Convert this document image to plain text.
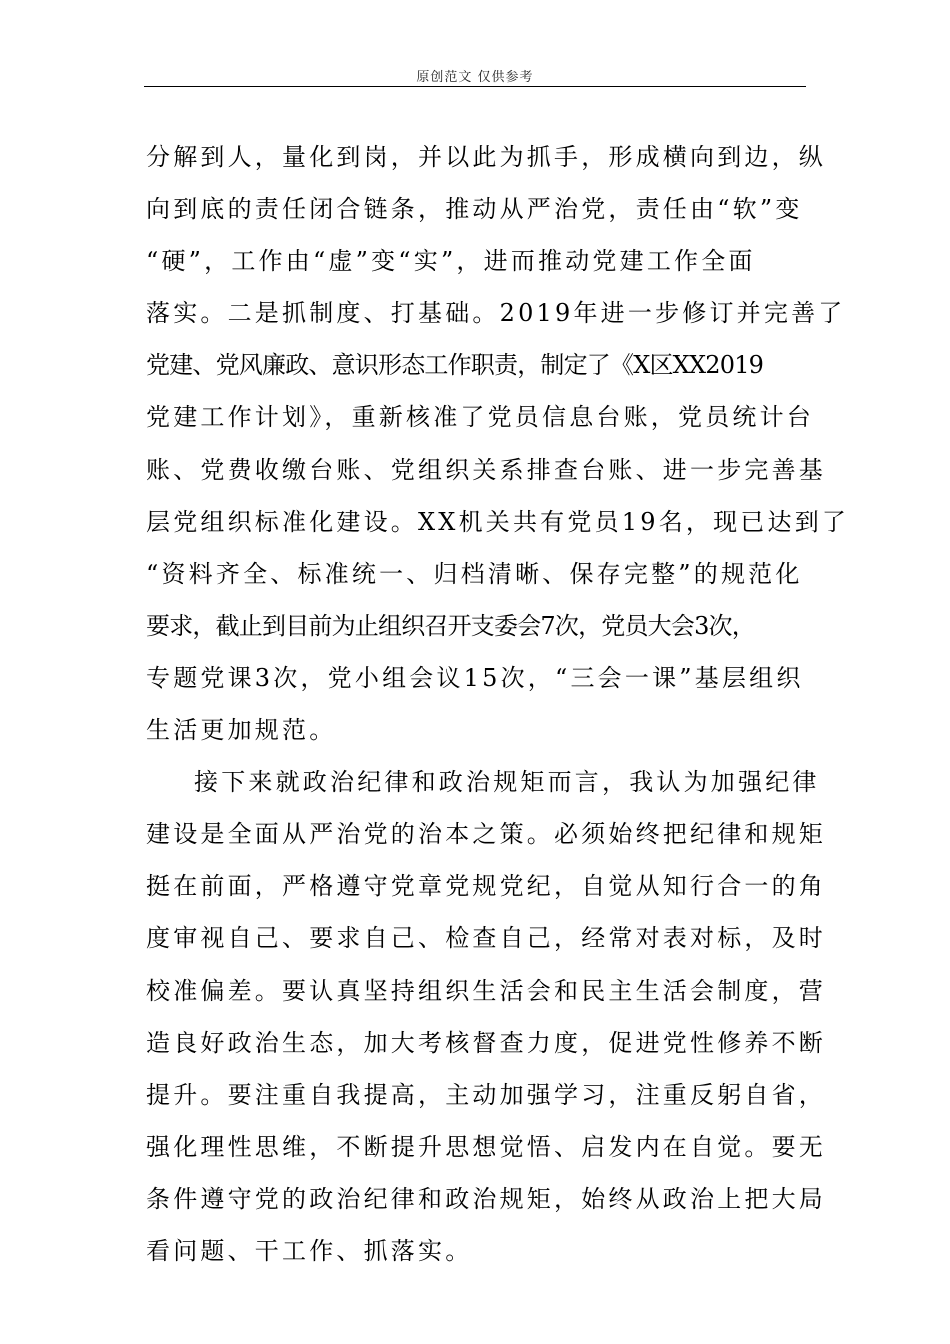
原创范文 仅供参考
分解到人，量化到岗，并以此为抓手，形成横向到边，纵
向到底的责任闭合链条，推动从严治党，责任由“软”变
“硬”，工作由“虚”变“实”，进而推动党建工作全面
落实。二是抓制度、打基础。2019年进一步修订并完善了
党建、党风廉政、意识形态工作职责，制定了《X区XX2019
党建工作计划》，重新核准了党员信息台账，党员统计台
账、党费收缴台账、党组织关系排查台账、进一步完善基
层党组织标准化建设。XX机关共有党员19名，现已达到了
“资料齐全、标准统一、归档清晰、保存完整”的规范化
要求，截止到目前为止组织召开支委会7次，党员大会3次，
专题党课3次，党小组会议15次，“三会一课”基层组织
生活更加规范。
接下来就政治纪律和政治规矩而言，我认为加强纪律
建设是全面从严治党的治本之策。必须始终把纪律和规矩
挺在前面，严格遵守党章党规党纪，自觉从知行合一的角
度审视自己、要求自己、检查自己，经常对表对标，及时
校准偏差。要认真坚持组织生活会和民主生活会制度，营
造良好政治生态，加大考核督查力度，促进党性修养不断
提升。要注重自我提高，主动加强学习，注重反躬自省，
强化理性思维，不断提升思想觉悟、启发内在自觉。要无
条件遵守党的政治纪律和政治规矩，始终从政治上把大局
看问题、干工作、抓落实。
